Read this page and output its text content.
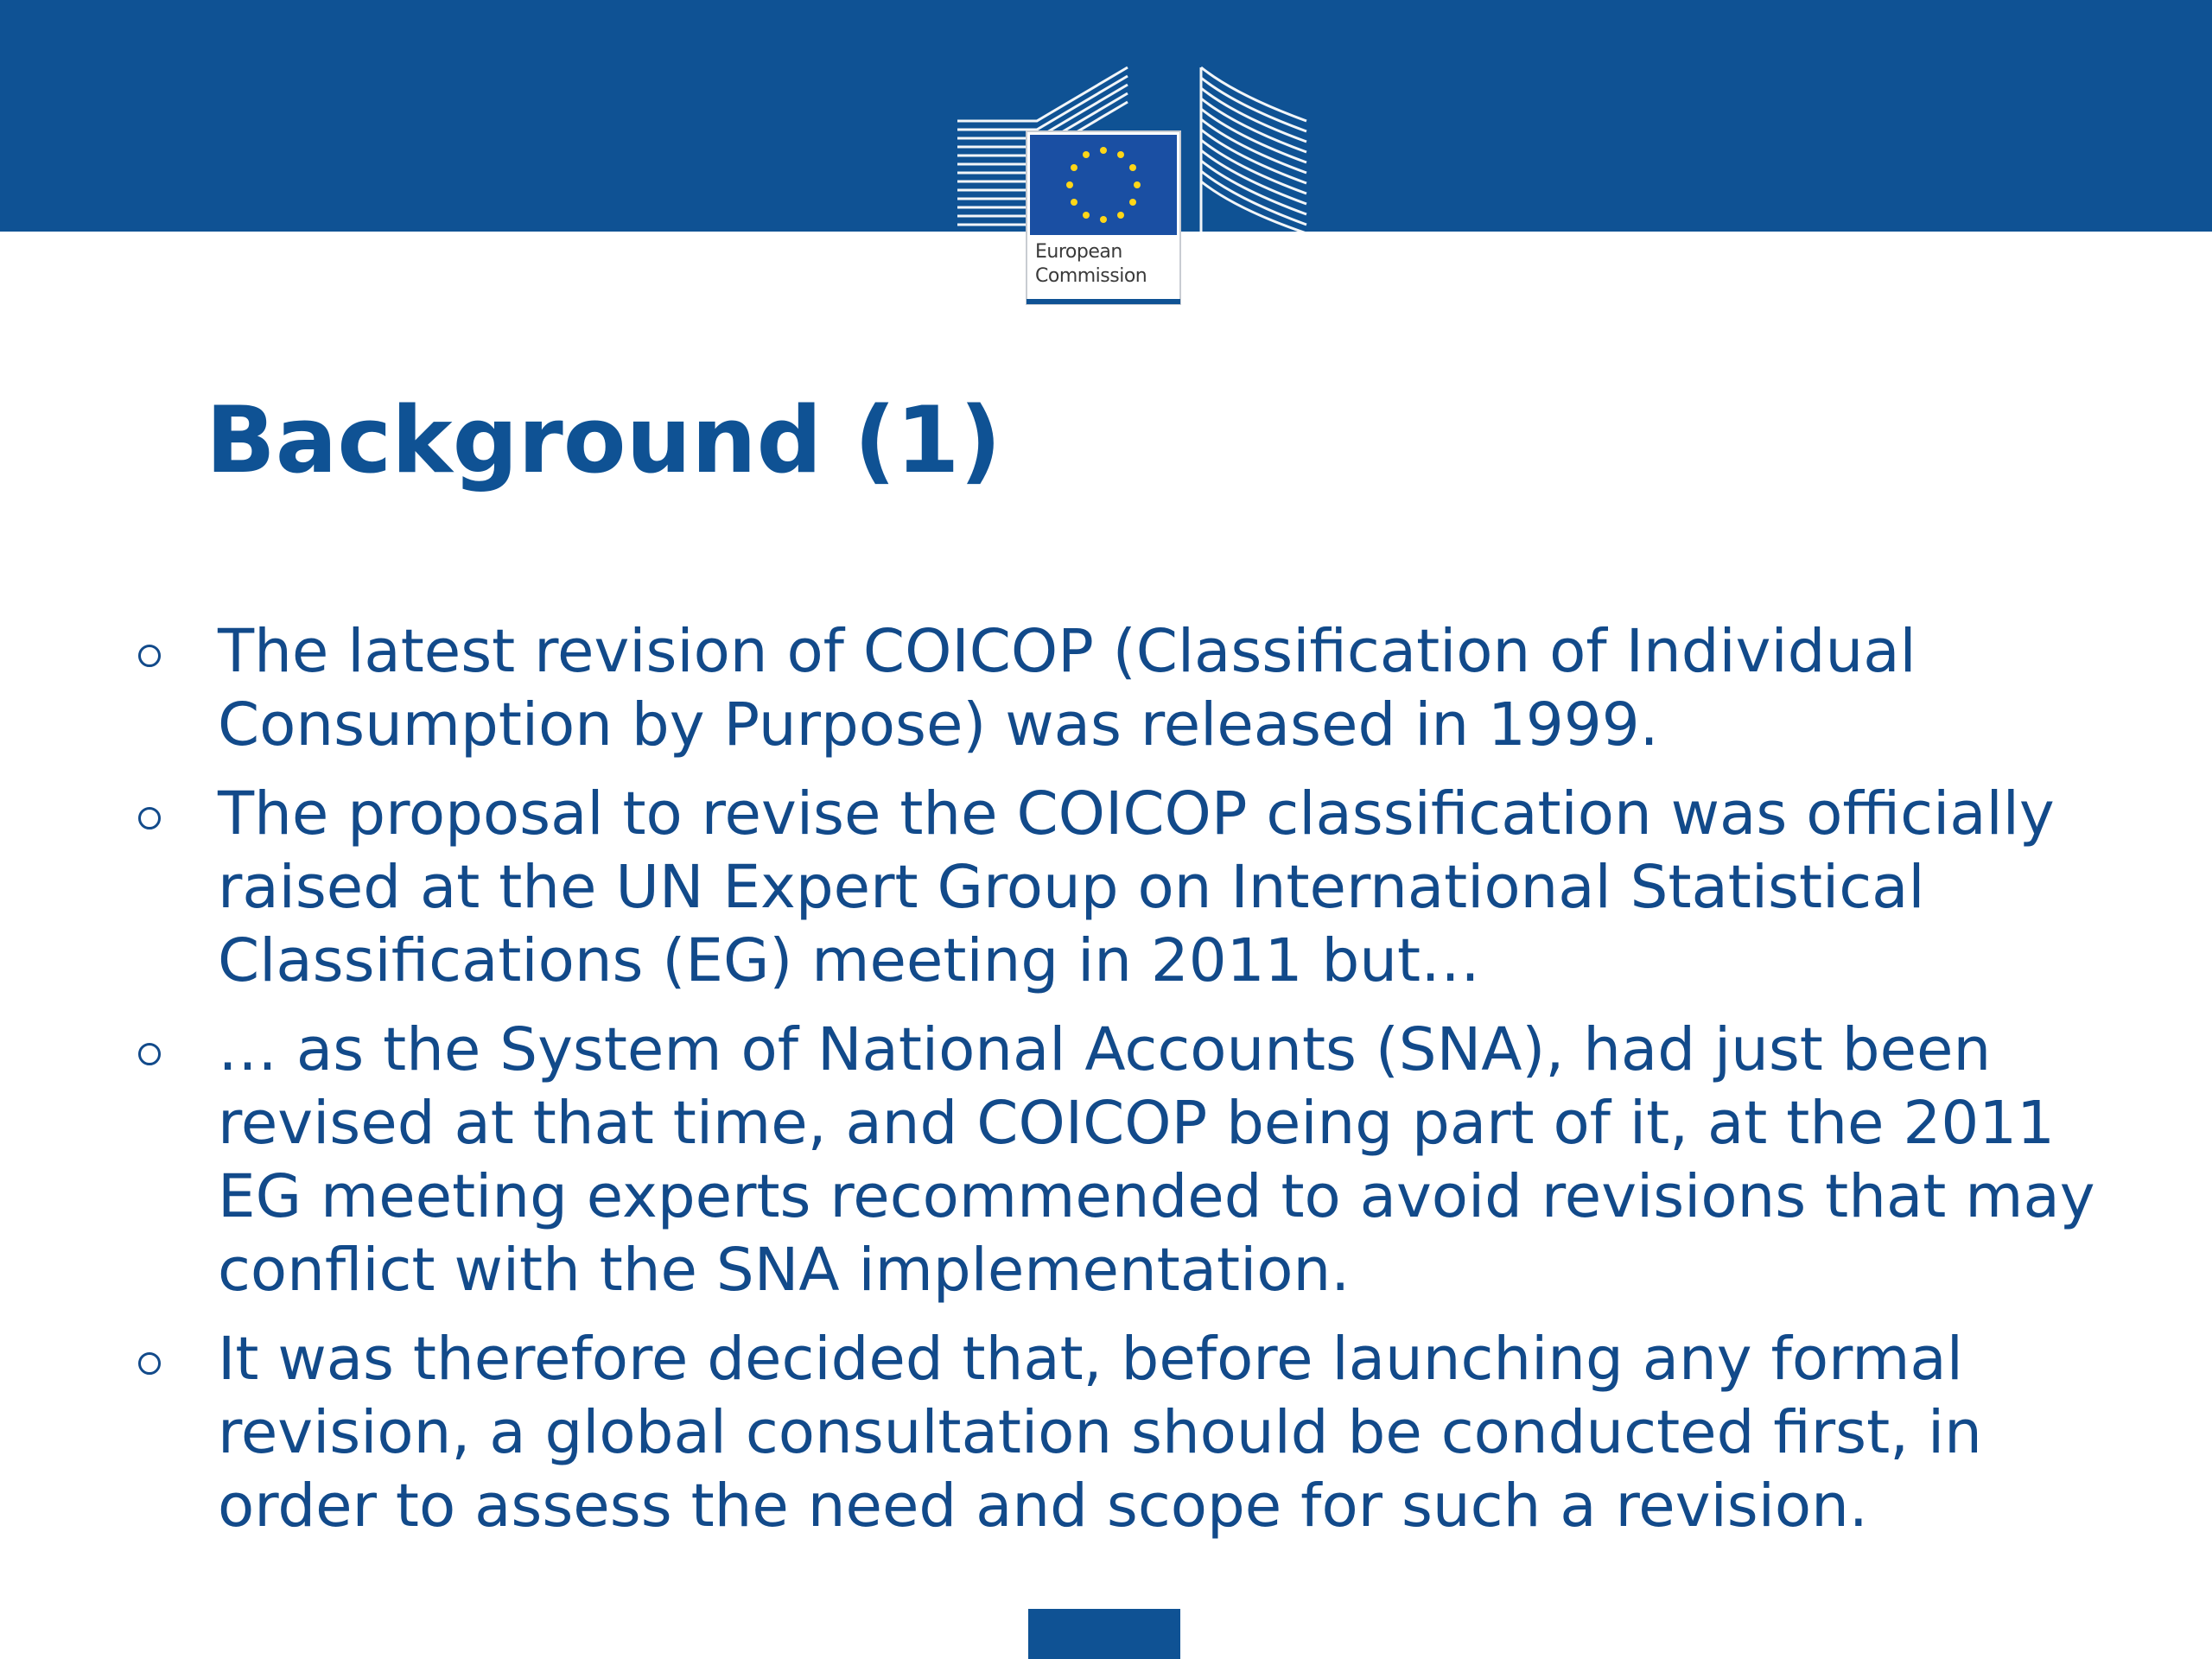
European
Commission
Background (1)
The latest revision of COICOP (Classification of Individual Consumption by Purpose) was released in 1999.
The proposal to revise the COICOP classification was officially raised at the UN Expert Group on International Statistical Classifications (EG) meeting in 2011 but…
… as the System of National Accounts (SNA), had just been revised at that time, and COICOP being part of it, at the 2011 EG meeting experts recommended to avoid revisions that may conflict with the SNA implementation.
It was therefore decided that, before launching any formal revision, a global consultation should be conducted first, in order to assess the need and scope for such a revision.
